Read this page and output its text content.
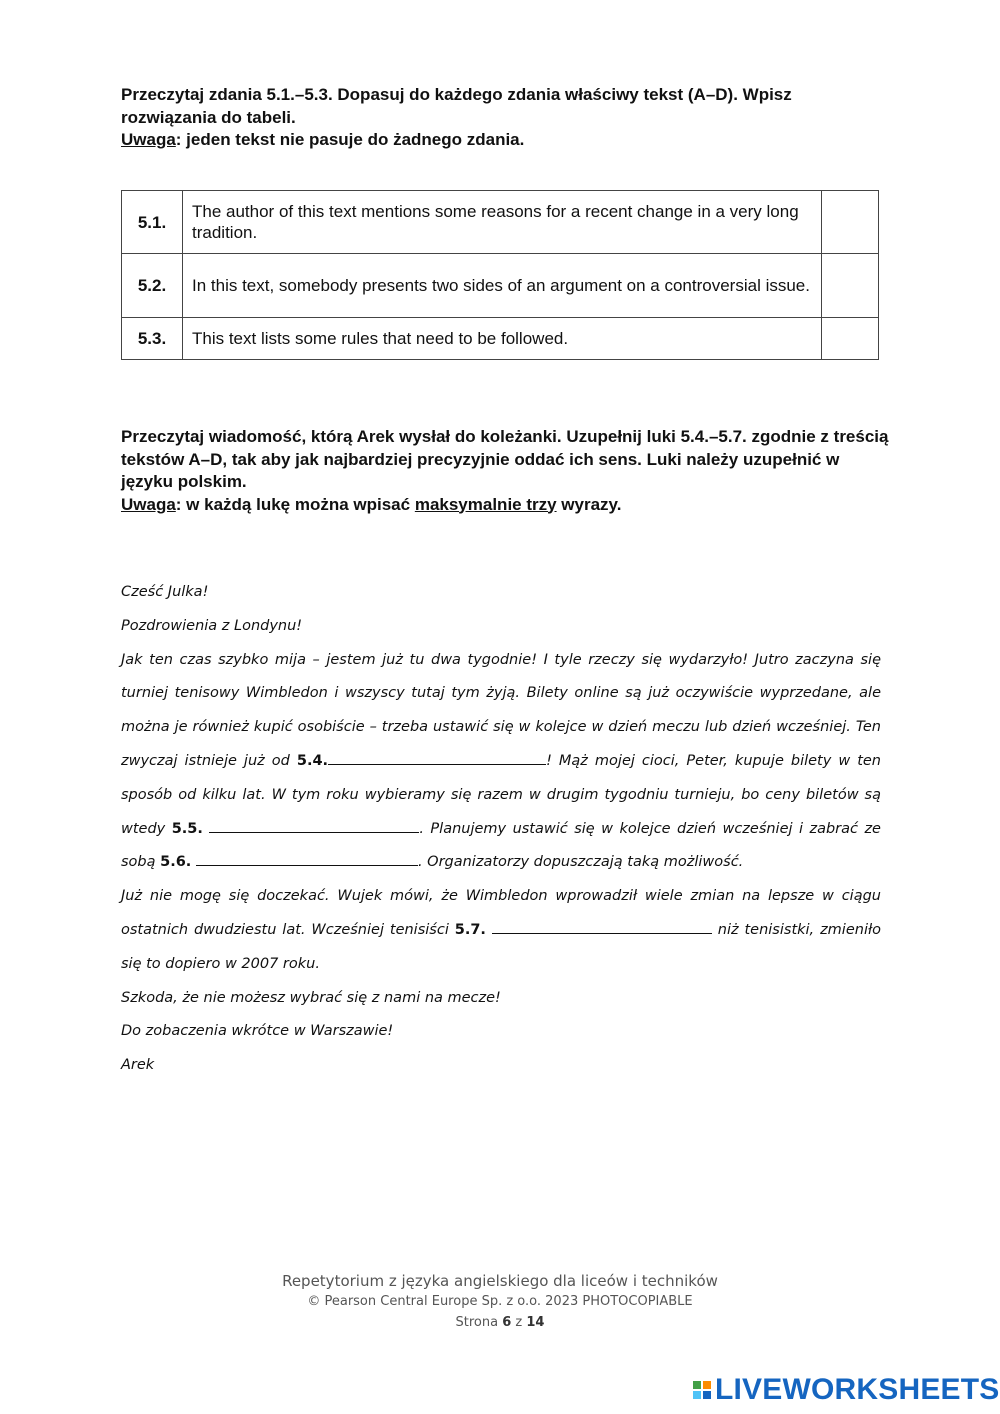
Przeczytaj zdania 5.1.–5.3. Dopasuj do każdego zdania właściwy tekst (A–D). Wpisz rozwiązania do tabeli.

Uwaga: jeden tekst nie pasuje do żadnego zdania.

5.1.	The author of this text mentions some reasons for a recent change in a very long tradition.	
5.2.	In this text, somebody presents two sides of an argument on a controversial issue.	
5.3.	This text lists some rules that need to be followed.	

Przeczytaj wiadomość, którą Arek wysłał do koleżanki. Uzupełnij luki 5.4.–5.7. zgodnie z treścią tekstów A–D, tak aby jak najbardziej precyzyjnie oddać ich sens. Luki należy uzupełnić w języku polskim.

Uwaga: w każdą lukę można wpisać maksymalnie trzy wyrazy.

Cześć Julka!

Pozdrowienia z Londynu!

Jak ten czas szybko mija – jestem już tu dwa tygodnie! I tyle rzeczy się wydarzyło! Jutro zaczyna się turniej tenisowy Wimbledon i wszyscy tutaj tym żyją. Bilety online są już oczywiście wyprzedane, ale można je również kupić osobiście – trzeba ustawić się w kolejce w dzień meczu lub dzień wcześniej. Ten zwyczaj istnieje już od 5.4.	! Mąż mojej cioci, Peter, kupuje bilety w ten sposób od kilku lat. W tym roku wybieramy się razem w drugim tygodniu turnieju, bo ceny biletów są wtedy 5.5.	. Planujemy ustawić się w kolejce dzień wcześniej i zabrać ze sobą 5.6.	. Organizatorzy dopuszczają taką możliwość.

Już nie mogę się doczekać. Wujek mówi, że Wimbledon wprowadził wiele zmian na lepsze w ciągu ostatnich dwudziestu lat. Wcześniej tenisiści 5.7.	niż tenisistki, zmieniło się to dopiero w 2007 roku.

Szkoda, że nie możesz wybrać się z nami na mecze!

Do zobaczenia wkrótce w Warszawie!

Arek

Repetytorium z języka angielskiego dla liceów i techników
© Pearson Central Europe Sp. z o.o. 2023 PHOTOCOPIABLE
Strona 6 z 14
LIVEWORKSHEETS
